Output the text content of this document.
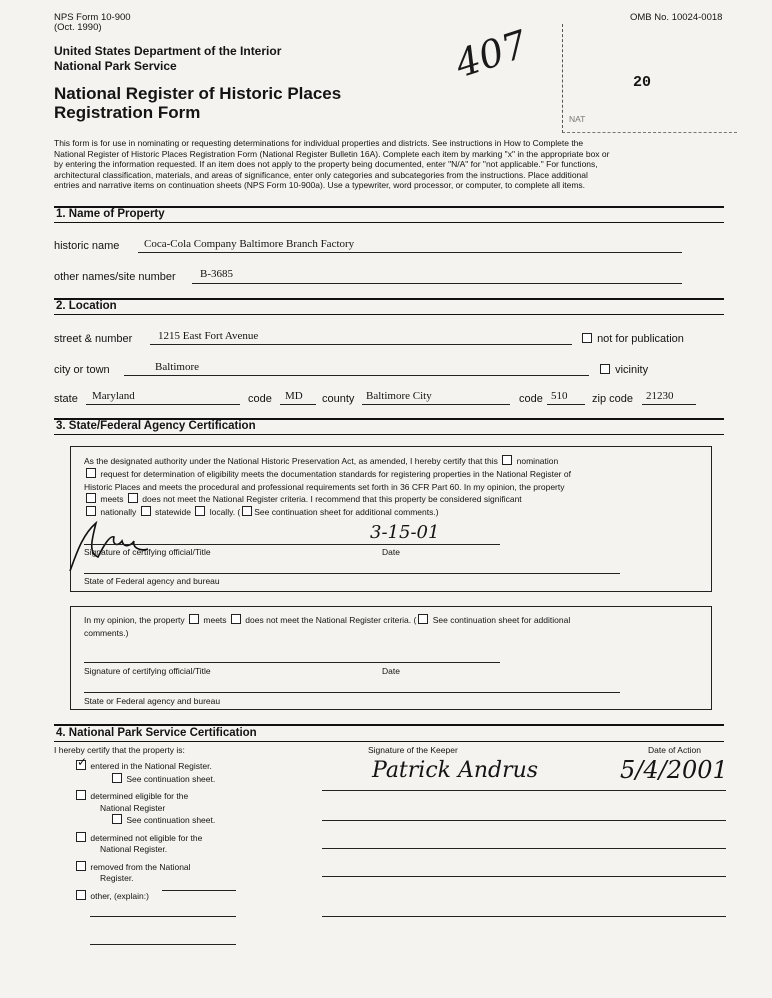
NPS Form 10-900
(Oct. 1990)
OMB No. 10024-0018
United States Department of the Interior
National Park Service
National Register of Historic Places
Registration Form
407	20
NAT
This form is for use in nominating or requesting determinations for individual properties and districts. See instructions in How to Complete the
National Register of Historic Places Registration Form (National Register Bulletin 16A). Complete each item by marking "x" in the appropriate box or
by entering the information requested. If an item does not apply to the property being documented, enter "N/A" for "not applicable." For functions,
architectural classification, materials, and areas of significance, enter only categories and subcategories from the instructions. Place additional
entries and narrative items on continuation sheets (NPS Form 10-900a). Use a typewriter, word processor, or computer, to complete all items.
1. Name of Property
historic name Coca-Cola Company Baltimore Branch Factory
other names/site number B-3685
2. Location
street & number 1215 East Fort Avenue	not for publication
city or town	Baltimore	vicinity
state Maryland	code MD county Baltimore City	code 510 zip code 21230
3. State/Federal Agency Certification
As the designated authority under the National Historic Preservation Act, as amended, I hereby certify that this nomination
request for determination of eligibility meets the documentation standards for registering properties in the National Register of
Historic Places and meets the procedural and professional requirements set forth in 36 CFR Part 60. In my opinion, the property
meets does not meet the National Register criteria. I recommend that this property be considered significant
nationally statewide locally. ( See continuation sheet for additional comments.)
3-15-01
Signature of certifying official/Title	Date
State of Federal agency and bureau
In my opinion, the property meets does not meet the National Register criteria. ( See continuation sheet for additional
comments.)
Signature of certifying official/Title	Date
State or Federal agency and bureau
4. National Park Service Certification
I hereby certify that the property is:	Signature of the Keeper	Date of Action
Patrick Andrus	5/4/2001
✓ entered in the National Register.
See continuation sheet.
determined eligible for the
National Register
See continuation sheet.
determined not eligible for the
National Register.
removed from the National
Register.
other, (explain:)
